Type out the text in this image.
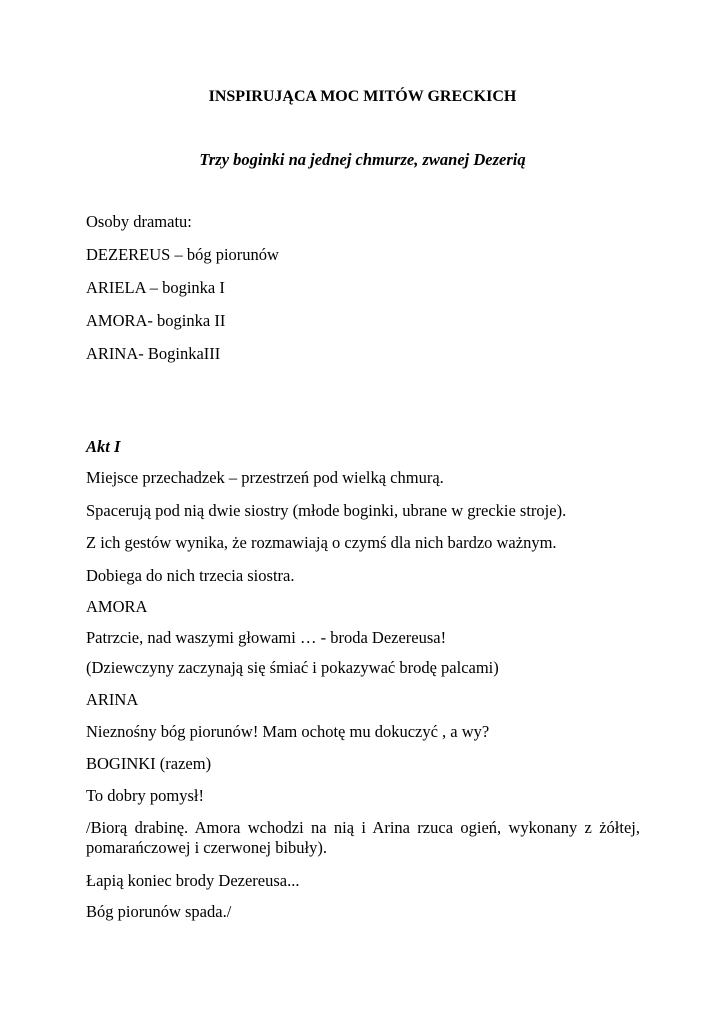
INSPIRUJĄCA MOC MITÓW GRECKICH
Trzy boginki na jednej chmurze, zwanej Dezerią
Osoby dramatu:
DEZEREUS – bóg piorunów
ARIELA – boginka I
AMORA- boginka II
ARINA- BoginkaIII
Akt I
Miejsce przechadzek – przestrzeń pod wielką chmurą.
Spacerują pod nią dwie siostry (młode boginki, ubrane w greckie stroje).
Z ich gestów wynika, że rozmawiają o czymś dla nich bardzo ważnym.
Dobiega do nich trzecia siostra.
AMORA
Patrzcie, nad waszymi głowami … - broda Dezereusa!
(Dziewczyny zaczynają się śmiać i pokazywać brodę palcami)
ARINA
Nieznośny bóg piorunów! Mam ochotę mu dokuczyć , a wy?
BOGINKI (razem)
To dobry pomysł!
/Biorą drabinę. Amora wchodzi na nią i Arina rzuca ogień, wykonany z żółtej, pomarańczowej i czerwonej bibuły).
Łapią koniec brody Dezereusa...
Bóg piorunów spada./
